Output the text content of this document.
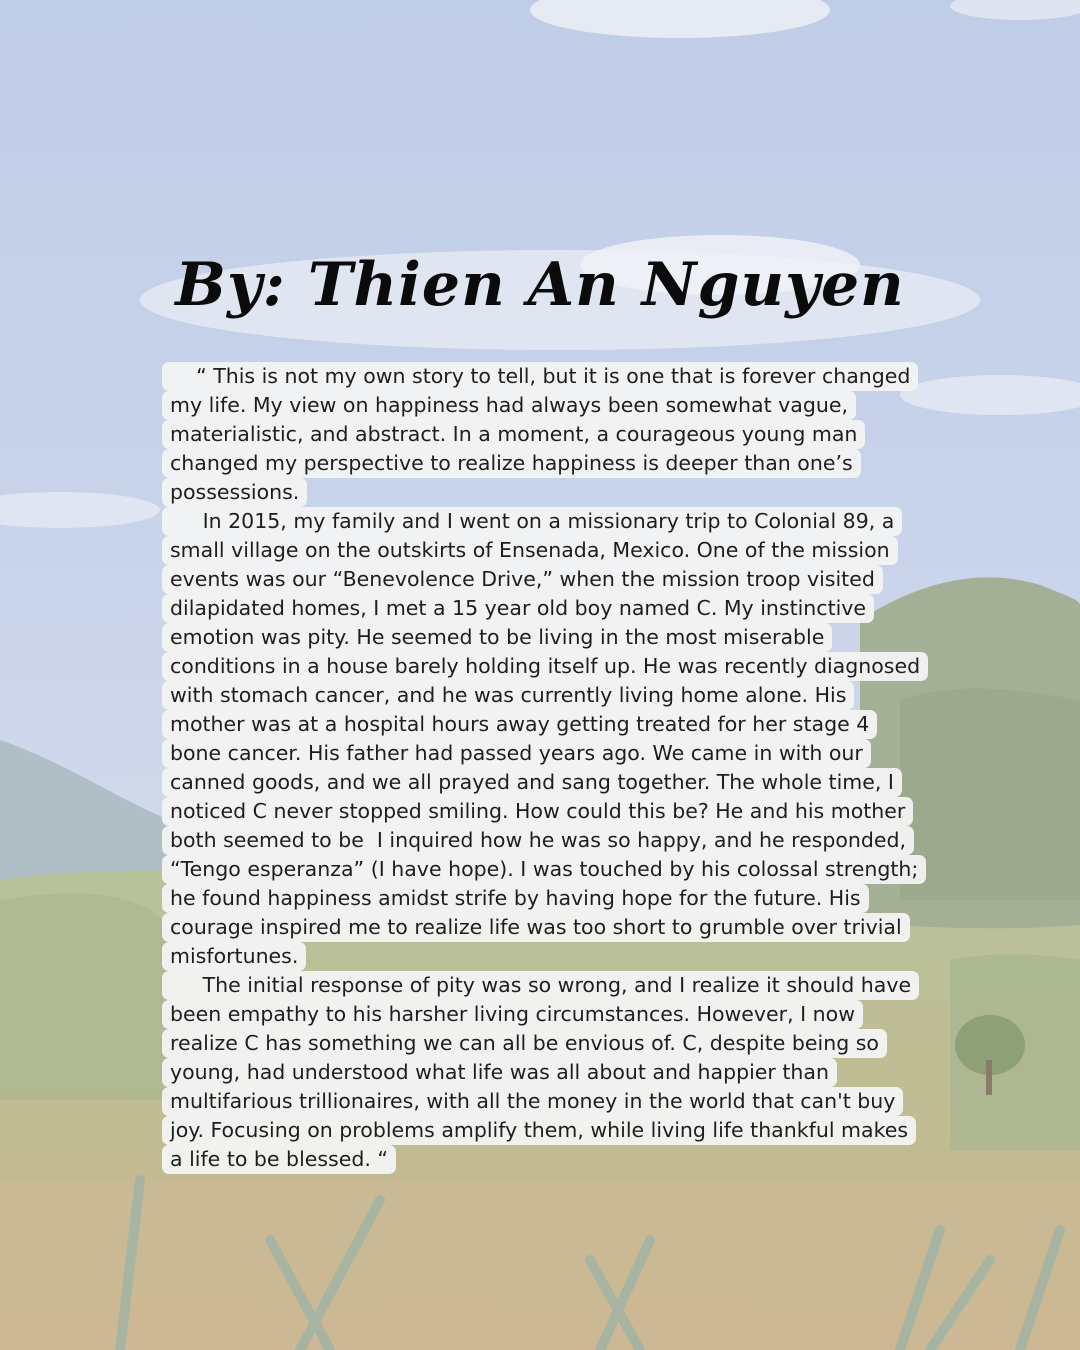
By: Thien An Nguyen
“ This is not my own story to tell, but it is one that is forever changed
my life. My view on happiness had always been somewhat vague,
materialistic, and abstract. In a moment, a courageous young man
changed my perspective to realize happiness is deeper than one’s
possessions.
In 2015, my family and I went on a missionary trip to Colonial 89, a
small village on the outskirts of Ensenada, Mexico. One of the mission
events was our “Benevolence Drive,” when the mission troop visited
dilapidated homes, I met a 15 year old boy named C. My instinctive
emotion was pity. He seemed to be living in the most miserable
conditions in a house barely holding itself up. He was recently diagnosed
with stomach cancer, and he was currently living home alone. His
mother was at a hospital hours away getting treated for her stage 4
bone cancer. His father had passed years ago. We came in with our
canned goods, and we all prayed and sang together. The whole time, I
noticed C never stopped smiling. How could this be? He and his mother
both seemed to be  I inquired how he was so happy, and he responded,
“Tengo esperanza” (I have hope). I was touched by his colossal strength;
he found happiness amidst strife by having hope for the future. His
courage inspired me to realize life was too short to grumble over trivial
misfortunes.
The initial response of pity was so wrong, and I realize it should have
been empathy to his harsher living circumstances. However, I now
realize C has something we can all be envious of. C, despite being so
young, had understood what life was all about and happier than
multifarious trillionaires, with all the money in the world that can't buy
joy. Focusing on problems amplify them, while living life thankful makes
a life to be blessed. “
